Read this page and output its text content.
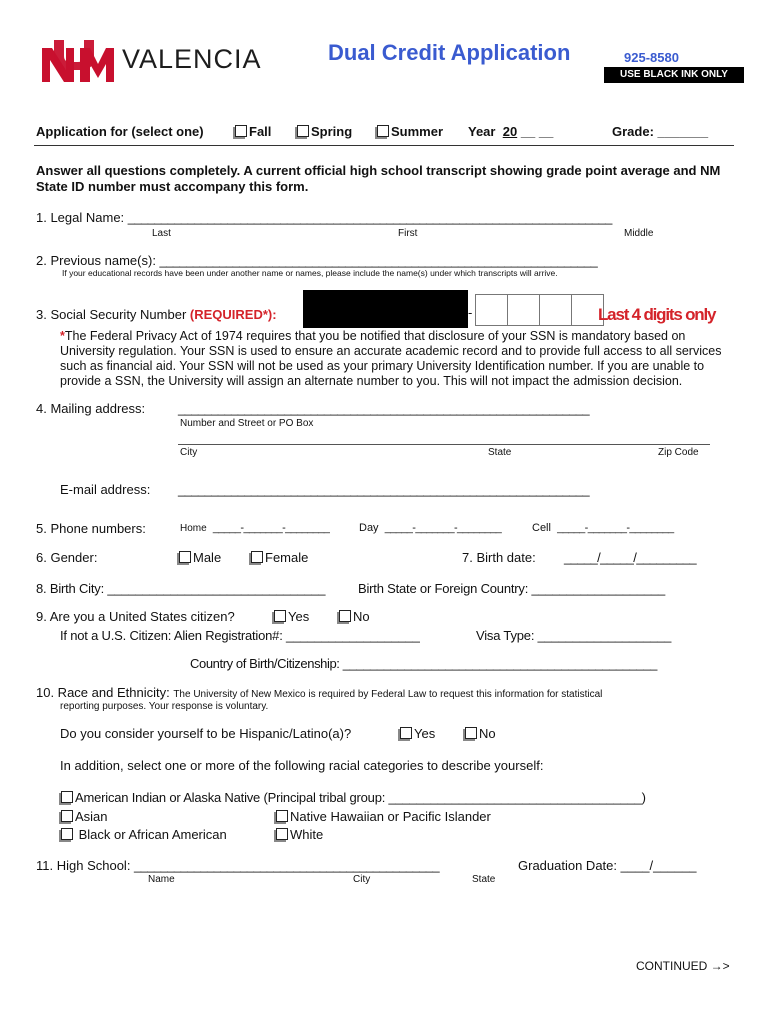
VALENCIA	Dual Credit Application	925-8580
USE BLACK INK ONLY
Application for (select one)	Fall	Spring	Summer Year 20 __ __	Grade: _______
Answer all questions completely. A current official high school transcript showing grade point average and NM State ID number must accompany this form.
1. Legal Name: _________________________________________________________________________
Last	First	Middle
2. Previous name(s): __________________________________________________________________
If your educational records have been under another name or names, please include the name(s) under which transcripts will arrive.
3. Social Security Number (REQUIRED*):	-	Last 4 digits only
*The Federal Privacy Act of 1974 requires that you be notified that disclosure of your SSN is mandatory based on University regulation. Your SSN is used to ensure an accurate academic record and to provide full access to all services such as financial aid. Your SSN will not be used as your primary University Identification number. If you are unable to provide a SSN, the University will assign an alternate number to you. This will not impact the admission decision.
4. Mailing address:	______________________________________________________________
Number and Street or PO Box
City	State	Zip Code
E-mail address: ______________________________________________________________
5. Phone numbers:	Home _____-_______-________	Day _____-_______-________	Cell _____-_______-________
6. Gender:	Male	Female	7. Birth date: _____/_____/_________
8. Birth City: _______________________________	Birth State or Foreign Country: ___________________
9. Are you a United States citizen?	Yes	No
If not a U.S. Citizen: Alien Registration#: ___________________	Visa Type: ___________________
Country of Birth/Citizenship: ______________________________________________
10. Race and Ethnicity: The University of New Mexico is required by Federal Law to request this information for statistical
reporting purposes. Your response is voluntary.
Do you consider yourself to be Hispanic/Latino(a)?	Yes	No
In addition, select one or more of the following racial categories to describe yourself:
American Indian or Alaska Native (Principal tribal group: ____________________________________)
Asian	Native Hawaiian or Pacific Islander
Black or African American	White
11. High School: ______________________________________________	Graduation Date: ____/______
Name	City	State
CONTINUED →>
